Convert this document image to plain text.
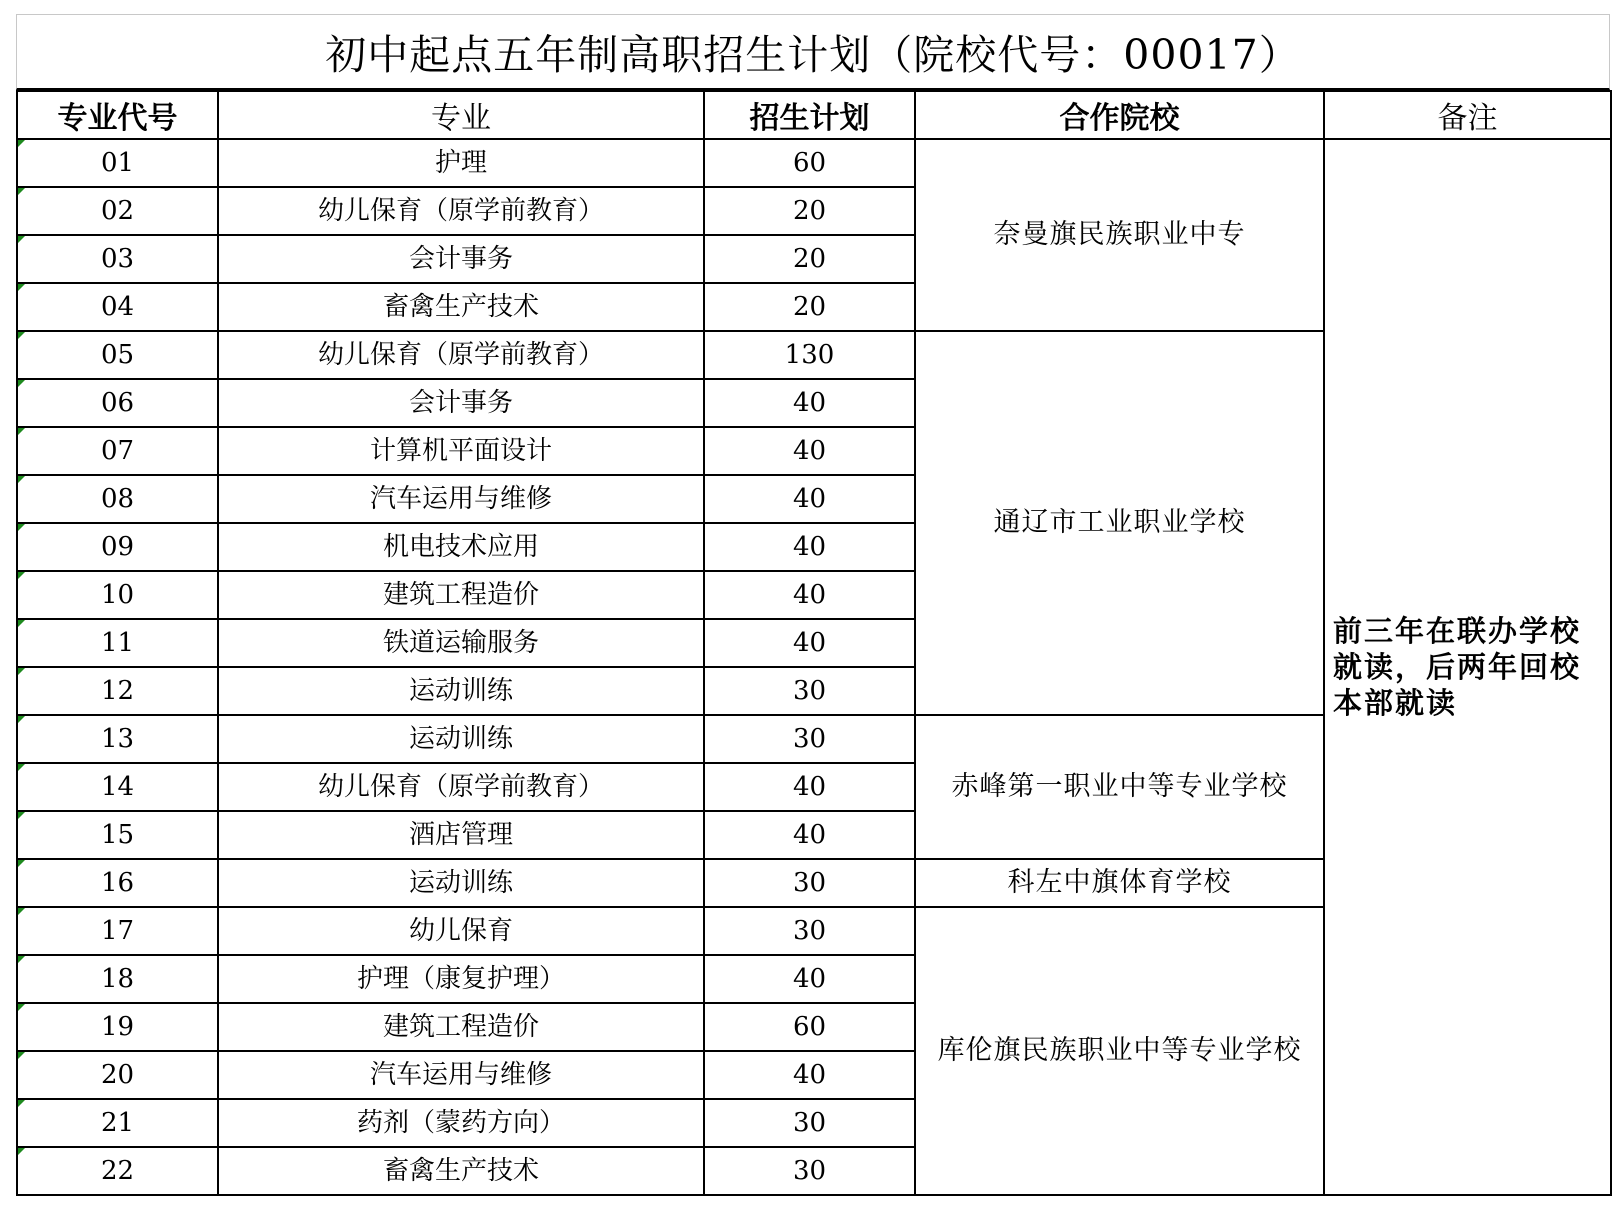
初中起点五年制高职招生计划（院校代号：00017）
专业代号	专业	招生计划	合作院校	备注
01	护理	60	奈曼旗民族职业中专	前三年在联办学校就读，后两年回校本部就读
02	幼儿保育（原学前教育）	20		
03	会计事务	20		
04	畜禽生产技术	20		
05	幼儿保育（原学前教育）	130	通辽市工业职业学校	
06	会计事务	40		
07	计算机平面设计	40		
08	汽车运用与维修	40		
09	机电技术应用	40		
10	建筑工程造价	40		
11	铁道运输服务	40		
12	运动训练	30		
13	运动训练	30	赤峰第一职业中等专业学校	
14	幼儿保育（原学前教育）	40		
15	酒店管理	40		
16	运动训练	30	科左中旗体育学校	
17	幼儿保育	30	库伦旗民族职业中等专业学校	
18	护理（康复护理）	40		
19	建筑工程造价	60		
20	汽车运用与维修	40		
21	药剂（蒙药方向）	30		
22	畜禽生产技术	30		
